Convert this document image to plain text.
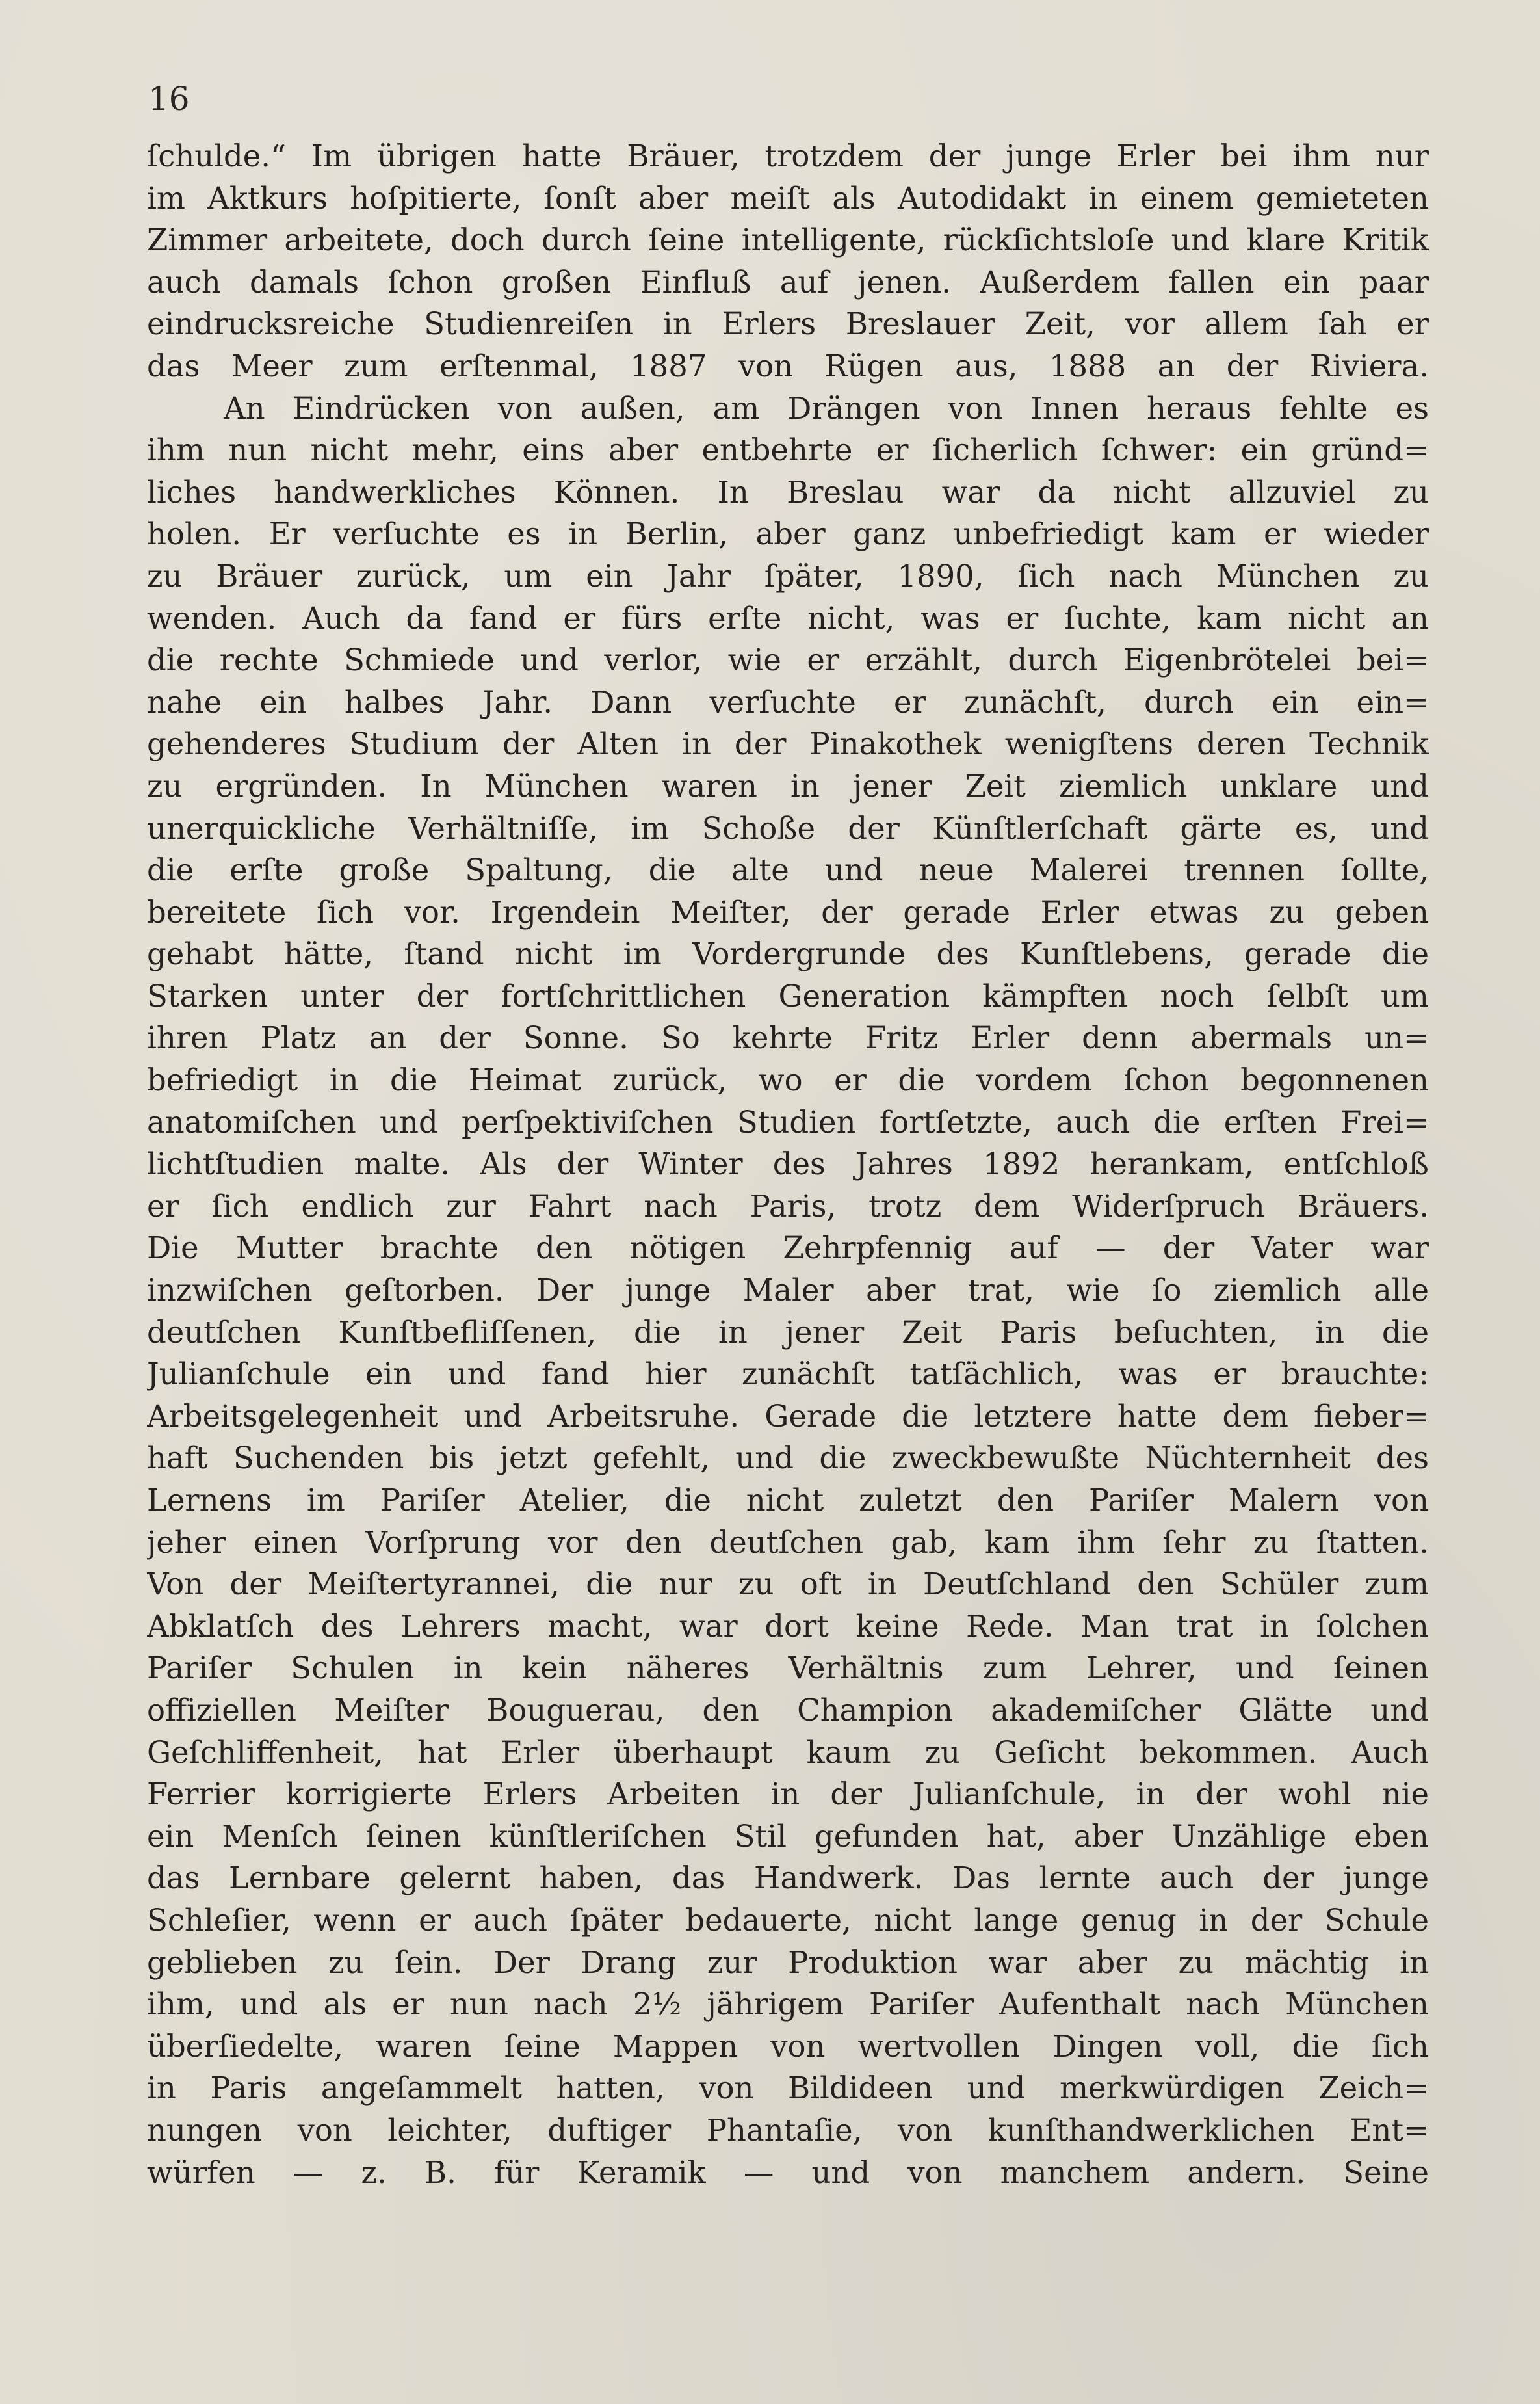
16
ſchulde.“ Im übrigen hatte Bräuer, trotzdem der junge Erler bei ihm nur
im Aktkurs hoſpitierte, ſonſt aber meiſt als Autodidakt in einem gemieteten
Zimmer arbeitete, doch durch ſeine intelligente, rückſichtsloſe und klare Kritik
auch damals ſchon großen Einfluß auf jenen. Außerdem fallen ein paar
eindrucksreiche Studienreiſen in Erlers Breslauer Zeit, vor allem ſah er
das Meer zum erſtenmal, 1887 von Rügen aus, 1888 an der Riviera.
An Eindrücken von außen, am Drängen von Innen heraus fehlte es
ihm nun nicht mehr, eins aber entbehrte er ſicherlich ſchwer: ein gründ=
liches handwerkliches Können. In Breslau war da nicht allzuviel zu
holen. Er verſuchte es in Berlin, aber ganz unbefriedigt kam er wieder
zu Bräuer zurück, um ein Jahr ſpäter, 1890, ſich nach München zu
wenden. Auch da fand er fürs erſte nicht, was er ſuchte, kam nicht an
die rechte Schmiede und verlor, wie er erzählt, durch Eigenbrötelei bei=
nahe ein halbes Jahr. Dann verſuchte er zunächſt, durch ein ein=
gehenderes Studium der Alten in der Pinakothek wenigſtens deren Technik
zu ergründen. In München waren in jener Zeit ziemlich unklare und
unerquickliche Verhältniſſe, im Schoße der Künſtlerſchaft gärte es, und
die erſte große Spaltung, die alte und neue Malerei trennen ſollte,
bereitete ſich vor. Irgendein Meiſter, der gerade Erler etwas zu geben
gehabt hätte, ſtand nicht im Vordergrunde des Kunſtlebens, gerade die
Starken unter der fortſchrittlichen Generation kämpften noch ſelbſt um
ihren Platz an der Sonne. So kehrte Fritz Erler denn abermals un=
befriedigt in die Heimat zurück, wo er die vordem ſchon begonnenen
anatomiſchen und perſpektiviſchen Studien fortſetzte, auch die erſten Frei=
lichtſtudien malte. Als der Winter des Jahres 1892 herankam, entſchloß
er ſich endlich zur Fahrt nach Paris, trotz dem Widerſpruch Bräuers.
Die Mutter brachte den nötigen Zehrpfennig auf — der Vater war
inzwiſchen geſtorben. Der junge Maler aber trat, wie ſo ziemlich alle
deutſchen Kunſtbefliſſenen, die in jener Zeit Paris beſuchten, in die
Julianſchule ein und fand hier zunächſt tatſächlich, was er brauchte:
Arbeitsgelegenheit und Arbeitsruhe. Gerade die letztere hatte dem fieber=
haft Suchenden bis jetzt gefehlt, und die zweckbewußte Nüchternheit des
Lernens im Pariſer Atelier, die nicht zuletzt den Pariſer Malern von
jeher einen Vorſprung vor den deutſchen gab, kam ihm ſehr zu ſtatten.
Von der Meiſtertyrannei, die nur zu oft in Deutſchland den Schüler zum
Abklatſch des Lehrers macht, war dort keine Rede. Man trat in ſolchen
Pariſer Schulen in kein näheres Verhältnis zum Lehrer, und ſeinen
offiziellen Meiſter Bouguerau, den Champion akademiſcher Glätte und
Geſchliffenheit, hat Erler überhaupt kaum zu Geſicht bekommen. Auch
Ferrier korrigierte Erlers Arbeiten in der Julianſchule, in der wohl nie
ein Menſch ſeinen künſtleriſchen Stil gefunden hat, aber Unzählige eben
das Lernbare gelernt haben, das Handwerk. Das lernte auch der junge
Schleſier, wenn er auch ſpäter bedauerte, nicht lange genug in der Schule
geblieben zu ſein. Der Drang zur Produktion war aber zu mächtig in
ihm, und als er nun nach 2½ jährigem Pariſer Aufenthalt nach München
überſiedelte, waren ſeine Mappen von wertvollen Dingen voll, die ſich
in Paris angeſammelt hatten, von Bildideen und merkwürdigen Zeich=
nungen von leichter, duftiger Phantaſie, von kunſthandwerklichen Ent=
würfen — z. B. für Keramik — und von manchem andern. Seine
